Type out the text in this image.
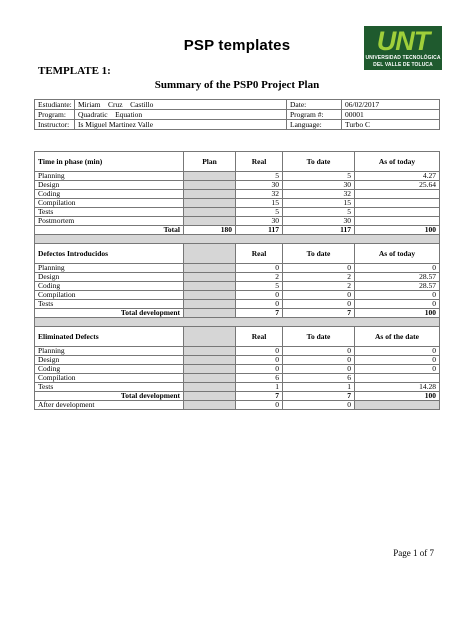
PSP templates	UNT
UNIVERSIDAD TECNOLÓGICA
DEL VALLE DE TOLUCA
TEMPLATE 1:
Summary of the PSP0 Project Plan
Estudiante:	Miriam    Cruz    Castillo	Date:	06/02/2017
Program:	Quadratic    Equation	Program #:	00001
Instructor:	Is Miguel Martinez Valle	Language:	Turbo C
Time in phase (min)	Plan	Real	To date	As of today
Planning		5	5	4.27
Design		30	30	25.64
Coding		32	32	
Compilation		15	15	
Tests		5	5	
Postmortem		30	30	
Total	180	117	117	100

Defectos Introducidos		Real	To date	As of today
Planning		0	0	0
Design		2	2	28.57
Coding		5	2	28.57
Compilation		0	0	0
Tests		0	0	0
Total development		7	7	100

Eliminated Defects		Real	To date	As of the date
Planning		0	0	0
Design		0	0	0
Coding		0	0	0
Compilation		6	6	
Tests		1	1	14.28
Total development		7	7	100
After development		0	0	
Page 1 of 7
